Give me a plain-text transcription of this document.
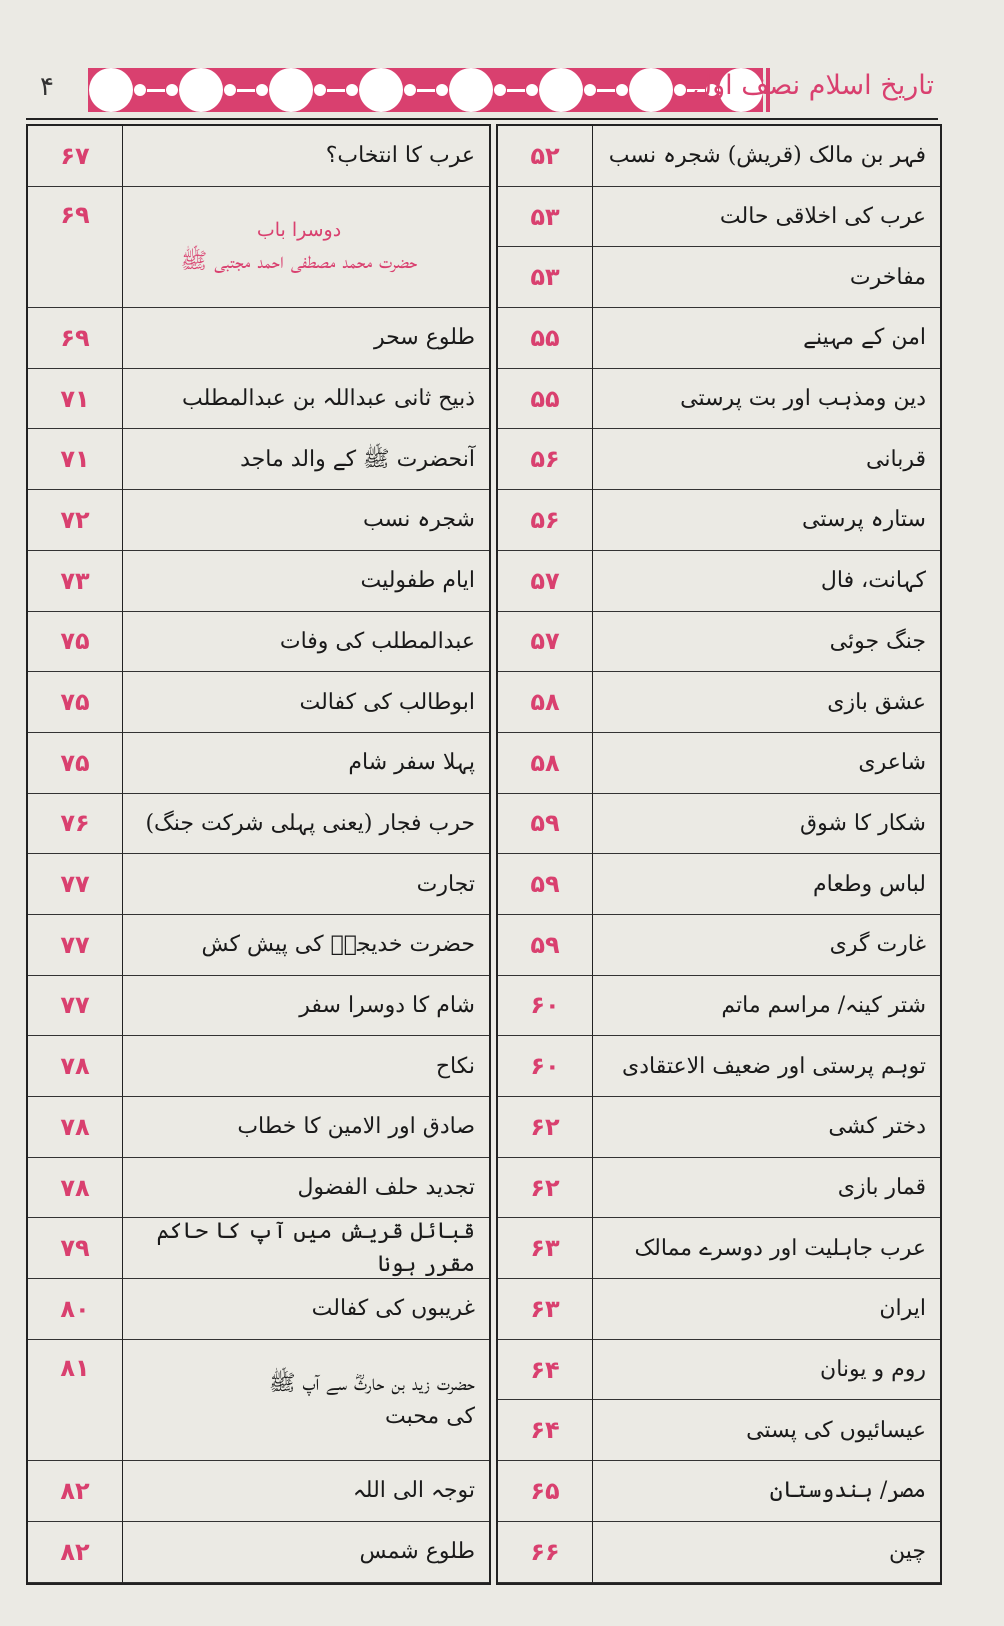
۴	تاریخ اسلام نصف اول
فہر بن مالک (قریش) شجرہ نسب
۵۲
عرب کی اخلاقی حالت
۵۳
مفاخرت
۵۳
امن کے مہینے
۵۵
دین ومذہب اور بت پرستی
۵۵
قربانی
۵۶
ستارہ پرستی
۵۶
کہانت، فال
۵۷
جنگ جوئی
۵۷
عشق بازی
۵۸
شاعری
۵۸
شکار کا شوق
۵۹
لباس وطعام
۵۹
غارت گری
۵۹
شتر کینہ/ مراسم ماتم
۶۰
توہم پرستی اور ضعیف الاعتقادی
۶۰
دختر کشی
۶۲
قمار بازی
۶۲
عرب جاہلیت اور دوسرے ممالک
۶۳
ایران
۶۳
روم و یونان
۶۴
عیسائیوں کی پستی
۶۴
مصر/ ہندوستان
۶۵
چین
۶۶
عرب کا انتخاب؟
۶۷
دوسرا باب
حضرت محمد مصطفی احمد مجتبی ﷺ
۶۹
طلوع سحر
۶۹
ذبیح ثانی عبداللہ بن عبدالمطلب
۷۱
آنحضرت ﷺ کے والد ماجد
۷۱
شجرہ نسب
۷۲
ایام طفولیت
۷۳
عبدالمطلب کی وفات
۷۵
ابوطالب کی کفالت
۷۵
پہلا سفر شام
۷۵
حرب فجار (یعنی پہلی شرکت جنگ)
۷۶
تجارت
۷۷
حضرت خدیجہؓ کی پیش کش
۷۷
شام کا دوسرا سفر
۷۷
نکاح
۷۸
صادق اور الامین کا خطاب
۷۸
تجدید حلف الفضول
۷۸
قبائل قریش میں آپ کا حاکم مقرر ہونا
۷۹
غریبوں کی کفالت
۸۰
حضرت زید بن حارثؓ سے آپ ﷺ
کی محبت
۸۱
توجہ الی اللہ
۸۲
طلوع شمس
۸۲
